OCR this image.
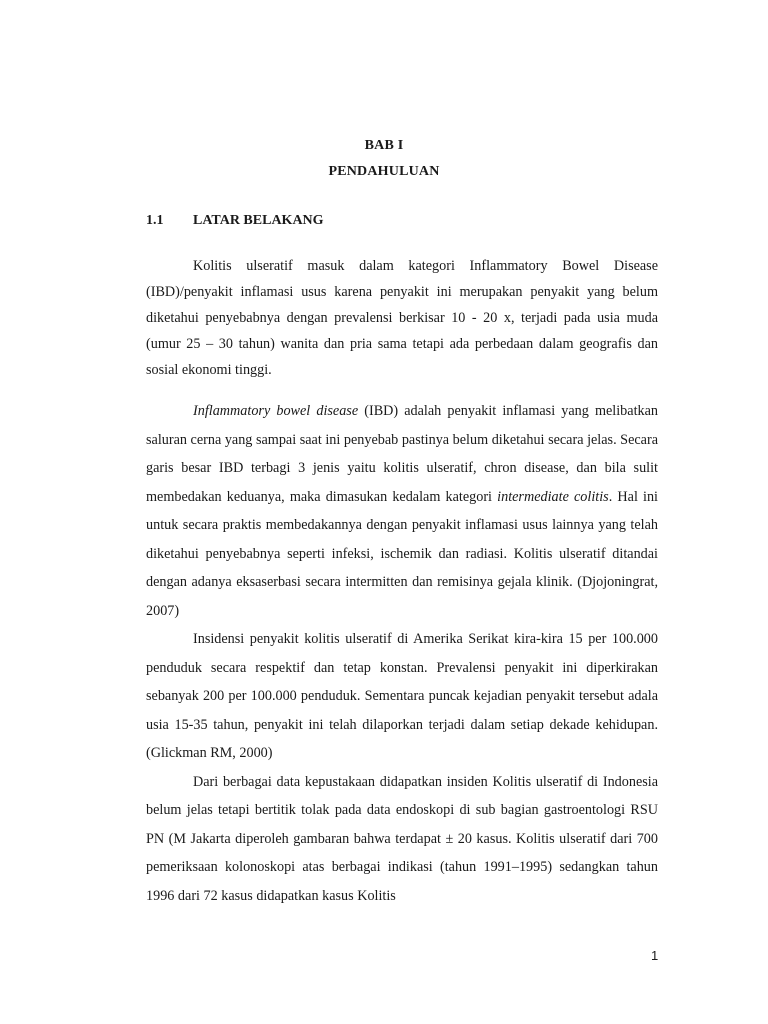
BAB I
PENDAHULUAN
1.1 LATAR BELAKANG

Kolitis ulseratif masuk dalam kategori Inflammatory Bowel Disease (IBD)/penyakit inflamasi usus karena penyakit ini merupakan penyakit yang belum diketahui penyebabnya dengan prevalensi berkisar 10 - 20 x, terjadi pada usia muda (umur 25 – 30 tahun) wanita dan pria sama tetapi ada perbedaan dalam geografis dan sosial ekonomi tinggi.

Inflammatory bowel disease (IBD) adalah penyakit inflamasi yang melibatkan saluran cerna yang sampai saat ini penyebab pastinya belum diketahui secara jelas. Secara garis besar IBD terbagi 3 jenis yaitu kolitis ulseratif, chron disease, dan bila sulit membedakan keduanya, maka dimasukan kedalam kategori intermediate colitis. Hal ini untuk secara praktis membedakannya dengan penyakit inflamasi usus lainnya yang telah diketahui penyebabnya seperti infeksi, ischemik dan radiasi. Kolitis ulseratif ditandai dengan adanya eksaserbasi secara intermitten dan remisinya gejala klinik. (Djojoningrat, 2007)

Insidensi penyakit kolitis ulseratif di Amerika Serikat kira-kira 15 per 100.000 penduduk secara respektif dan tetap konstan. Prevalensi penyakit ini diperkirakan sebanyak 200 per 100.000 penduduk. Sementara puncak kejadian penyakit tersebut adala usia 15-35 tahun, penyakit ini telah dilaporkan terjadi dalam setiap dekade kehidupan. (Glickman RM, 2000)

Dari berbagai data kepustakaan didapatkan insiden Kolitis ulseratif di Indonesia belum jelas tetapi bertitik tolak pada data endoskopi di sub bagian gastroentologi RSU PN (M Jakarta diperoleh gambaran bahwa terdapat ± 20 kasus. Kolitis ulseratif dari 700 pemeriksaan kolonoskopi atas berbagai indikasi (tahun 1991–1995) sedangkan tahun 1996 dari 72 kasus didapatkan kasus Kolitis

1
